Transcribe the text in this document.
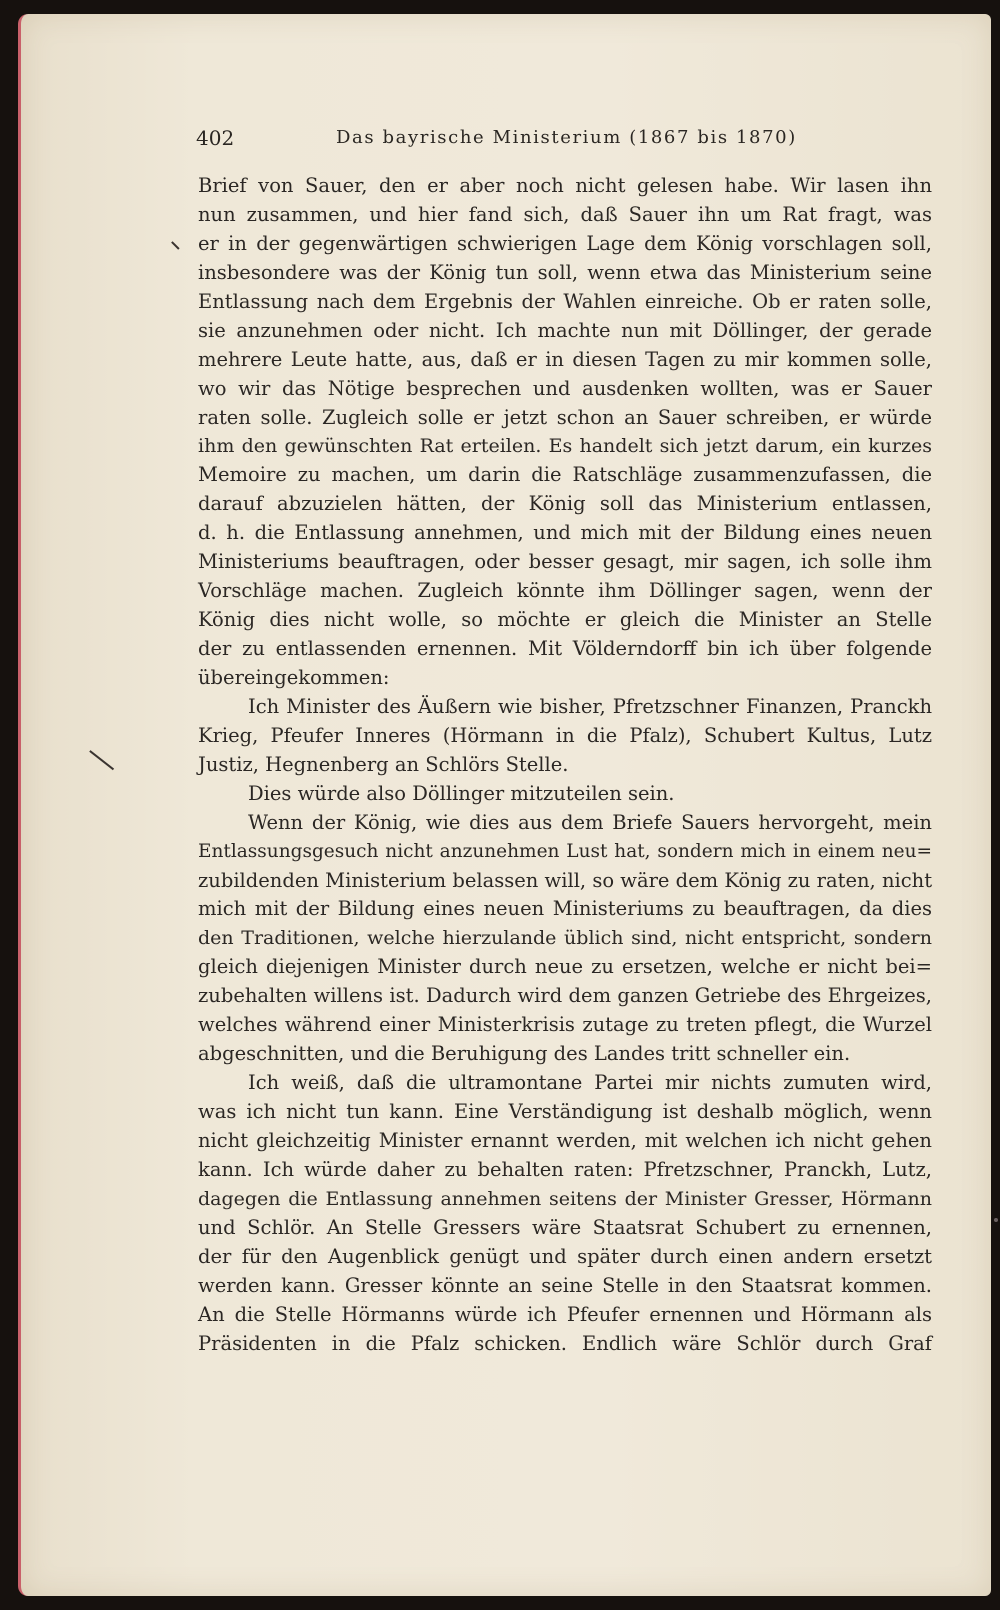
402	Das bayrische Ministerium (1867 bis 1870)
Brief von Sauer, den er aber noch nicht gelesen habe. Wir lasen ihn
nun zusammen, und hier fand sich, daß Sauer ihn um Rat fragt, was
er in der gegenwärtigen schwierigen Lage dem König vorschlagen soll,
insbesondere was der König tun soll, wenn etwa das Ministerium seine
Entlassung nach dem Ergebnis der Wahlen einreiche. Ob er raten solle,
sie anzunehmen oder nicht. Ich machte nun mit Döllinger, der gerade
mehrere Leute hatte, aus, daß er in diesen Tagen zu mir kommen solle,
wo wir das Nötige besprechen und ausdenken wollten, was er Sauer
raten solle. Zugleich solle er jetzt schon an Sauer schreiben, er würde
ihm den gewünschten Rat erteilen. Es handelt sich jetzt darum, ein kurzes
Memoire zu machen, um darin die Ratschläge zusammenzufassen, die
darauf abzuzielen hätten, der König soll das Ministerium entlassen,
d. h. die Entlassung annehmen, und mich mit der Bildung eines neuen
Ministeriums beauftragen, oder besser gesagt, mir sagen, ich solle ihm
Vorschläge machen. Zugleich könnte ihm Döllinger sagen, wenn der
König dies nicht wolle, so möchte er gleich die Minister an Stelle
der zu entlassenden ernennen. Mit Völderndorff bin ich über folgende
übereingekommen:
Ich Minister des Äußern wie bisher, Pfretzschner Finanzen, Pranckh
Krieg, Pfeufer Inneres (Hörmann in die Pfalz), Schubert Kultus, Lutz
Justiz, Hegnenberg an Schlörs Stelle.
Dies würde also Döllinger mitzuteilen sein.
Wenn der König, wie dies aus dem Briefe Sauers hervorgeht, mein
Entlassungsgesuch nicht anzunehmen Lust hat, sondern mich in einem neu=
zubildenden Ministerium belassen will, so wäre dem König zu raten, nicht
mich mit der Bildung eines neuen Ministeriums zu beauftragen, da dies
den Traditionen, welche hierzulande üblich sind, nicht entspricht, sondern
gleich diejenigen Minister durch neue zu ersetzen, welche er nicht bei=
zubehalten willens ist. Dadurch wird dem ganzen Getriebe des Ehrgeizes,
welches während einer Ministerkrisis zutage zu treten pflegt, die Wurzel
abgeschnitten, und die Beruhigung des Landes tritt schneller ein.
Ich weiß, daß die ultramontane Partei mir nichts zumuten wird,
was ich nicht tun kann. Eine Verständigung ist deshalb möglich, wenn
nicht gleichzeitig Minister ernannt werden, mit welchen ich nicht gehen
kann. Ich würde daher zu behalten raten: Pfretzschner, Pranckh, Lutz,
dagegen die Entlassung annehmen seitens der Minister Gresser, Hörmann
und Schlör. An Stelle Gressers wäre Staatsrat Schubert zu ernennen,
der für den Augenblick genügt und später durch einen andern ersetzt
werden kann. Gresser könnte an seine Stelle in den Staatsrat kommen.
An die Stelle Hörmanns würde ich Pfeufer ernennen und Hörmann als
Präsidenten in die Pfalz schicken. Endlich wäre Schlör durch Graf
